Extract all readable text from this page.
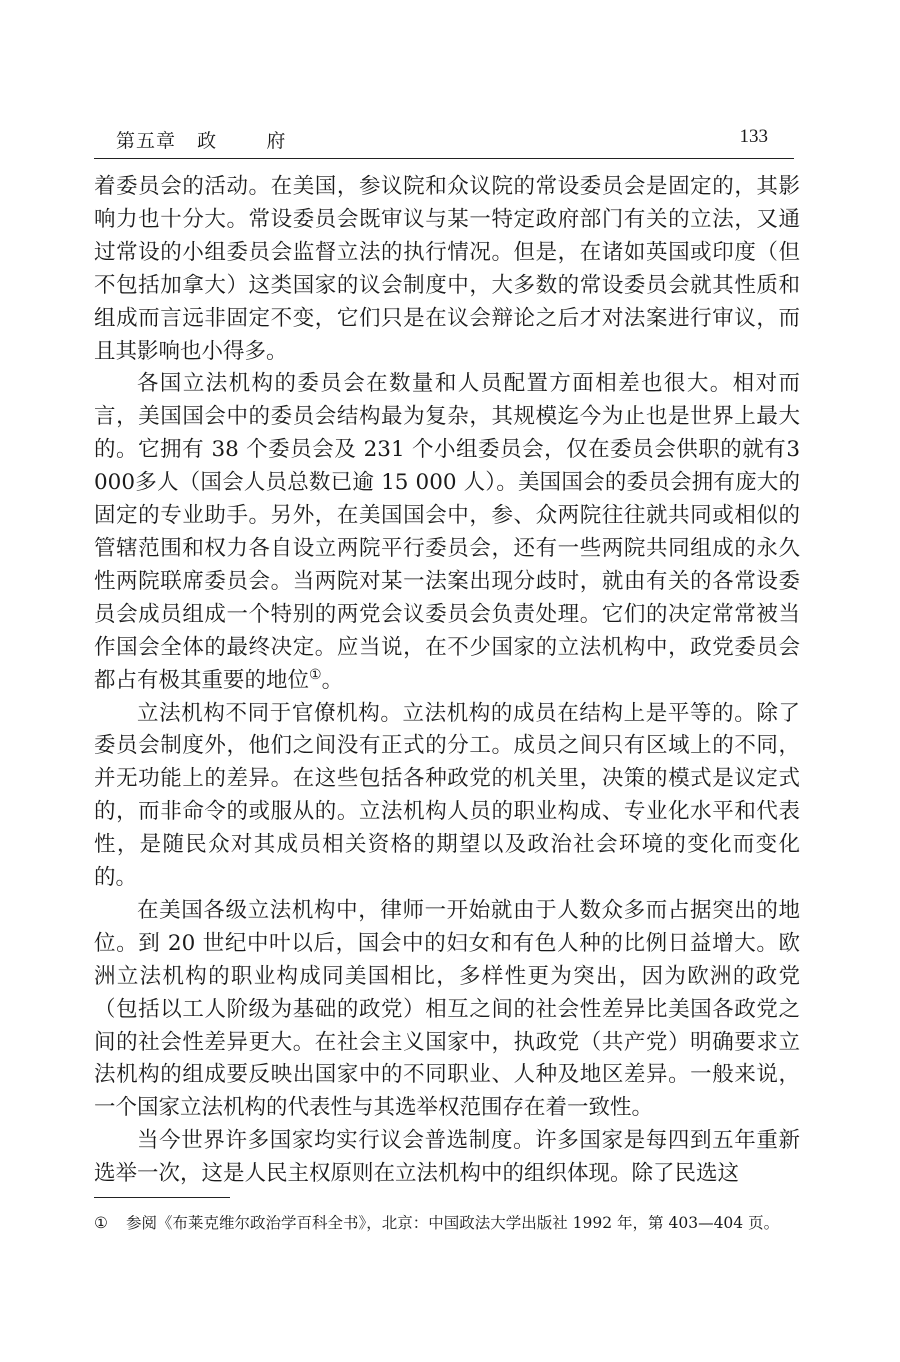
第五章   政       府	133

着委员会的活动。在美国，参议院和众议院的常设委员会是固定的，其影响力也十分大。常设委员会既审议与某一特定政府部门有关的立法，又通过常设的小组委员会监督立法的执行情况。但是，在诸如英国或印度（但不包括加拿大）这类国家的议会制度中，大多数的常设委员会就其性质和组成而言远非固定不变，它们只是在议会辩论之后才对法案进行审议，而且其影响也小得多。

各国立法机构的委员会在数量和人员配置方面相差也很大。相对而言，美国国会中的委员会结构最为复杂，其规模迄今为止也是世界上最大的。它拥有 38 个委员会及 231 个小组委员会，仅在委员会供职的就有3 000多人（国会人员总数已逾 15 000 人）。美国国会的委员会拥有庞大的固定的专业助手。另外，在美国国会中，参、众两院往往就共同或相似的管辖范围和权力各自设立两院平行委员会，还有一些两院共同组成的永久性两院联席委员会。当两院对某一法案出现分歧时，就由有关的各常设委员会成员组成一个特别的两党会议委员会负责处理。它们的决定常常被当作国会全体的最终决定。应当说，在不少国家的立法机构中，政党委员会都占有极其重要的地位①。

立法机构不同于官僚机构。立法机构的成员在结构上是平等的。除了委员会制度外，他们之间没有正式的分工。成员之间只有区域上的不同，并无功能上的差异。在这些包括各种政党的机关里，决策的模式是议定式的，而非命令的或服从的。立法机构人员的职业构成、专业化水平和代表性，是随民众对其成员相关资格的期望以及政治社会环境的变化而变化的。

在美国各级立法机构中，律师一开始就由于人数众多而占据突出的地位。到 20 世纪中叶以后，国会中的妇女和有色人种的比例日益增大。欧洲立法机构的职业构成同美国相比，多样性更为突出，因为欧洲的政党（包括以工人阶级为基础的政党）相互之间的社会性差异比美国各政党之间的社会性差异更大。在社会主义国家中，执政党（共产党）明确要求立法机构的组成要反映出国家中的不同职业、人种及地区差异。一般来说，一个国家立法机构的代表性与其选举权范围存在着一致性。

当今世界许多国家均实行议会普选制度。许多国家是每四到五年重新选举一次，这是人民主权原则在立法机构中的组织体现。除了民选这

① 参阅《布莱克维尔政治学百科全书》，北京：中国政法大学出版社 1992 年，第 403—404 页。
